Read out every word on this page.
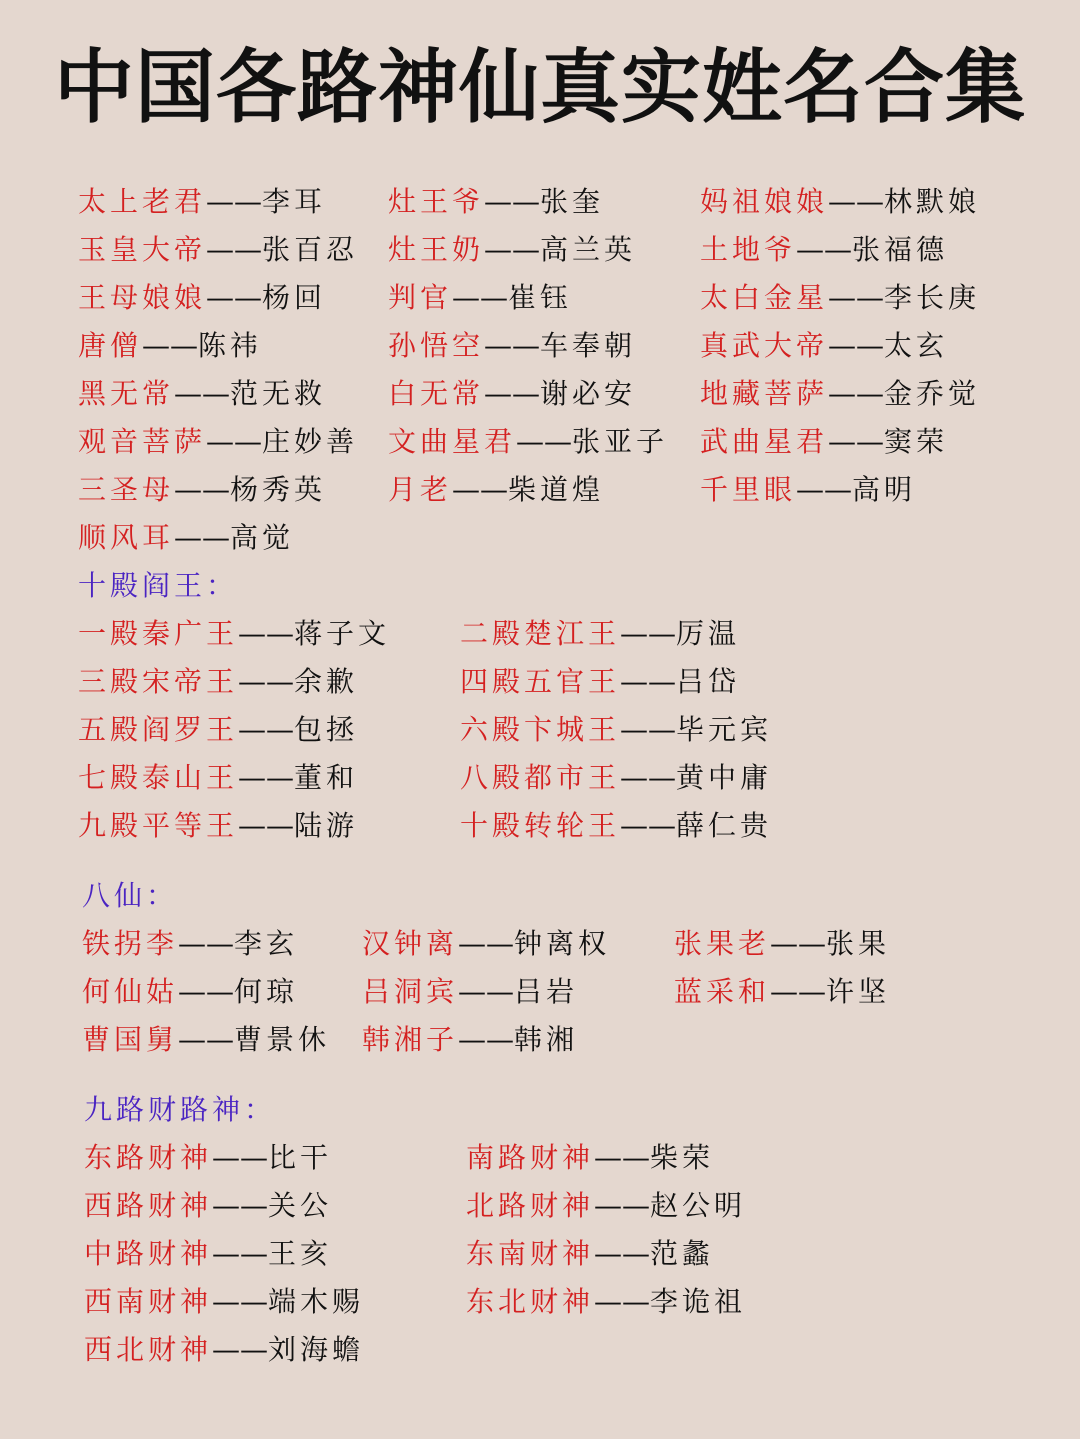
中国各路神仙真实姓名合集
太上老君——李耳 灶王爷——张奎	妈祖娘娘——林默娘
玉皇大帝——张百忍 灶王奶——高兰英 土地爷——张福德
王母娘娘——杨回 判官——崔钰	太白金星——李长庚
唐僧——陈祎	孙悟空——车奉朝 真武大帝——太玄
黑无常——范无救 白无常——谢必安 地藏菩萨——金乔觉
观音菩萨——庄妙善 文曲星君——张亚子 武曲星君——窦荣
三圣母——杨秀英 月老——柴道煌	千里眼——高明
顺风耳——高觉
十殿阎王：
一殿秦广王——蒋子文 二殿楚江王——厉温
三殿宋帝王——余歉	四殿五官王——吕岱
五殿阎罗王——包拯	六殿卞城王——毕元宾
七殿泰山王——董和	八殿都市王——黄中庸
九殿平等王——陆游	十殿转轮王——薛仁贵
八仙：
铁拐李——李玄 汉钟离——钟离权 张果老——张果
何仙姑——何琼 吕洞宾——吕岩	蓝采和——许坚
曹国舅——曹景休 韩湘子——韩湘
九路财路神：
东路财神——比干	南路财神——柴荣
西路财神——关公	北路财神——赵公明
中路财神——王亥	东南财神——范蠡
西南财神——端木赐	东北财神——李诡祖
西北财神——刘海蟾
